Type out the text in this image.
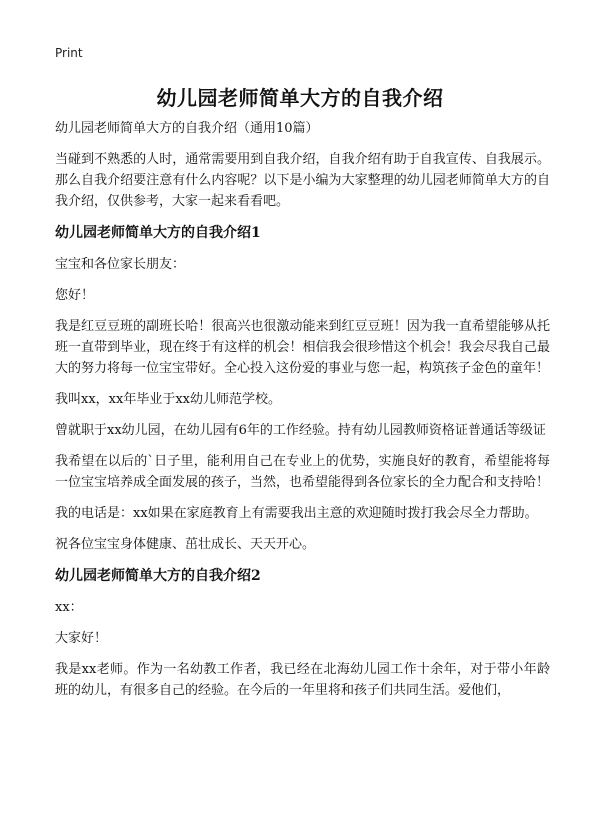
Print
幼儿园老师简单大方的自我介绍

幼儿园老师简单大方的自我介绍（通用10篇）

当碰到不熟悉的人时，通常需要用到自我介绍，自我介绍有助于自我宣传、自我展示。那么自我介绍要注意有什么内容呢？以下是小编为大家整理的幼儿园老师简单大方的自我介绍，仅供参考，大家一起来看看吧。

幼儿园老师简单大方的自我介绍1

宝宝和各位家长朋友：

您好！

我是红豆豆班的副班长哈！很高兴也很激动能来到红豆豆班！因为我一直希望能够从托班一直带到毕业，现在终于有这样的机会！相信我会很珍惜这个机会！我会尽我自己最大的努力将每一位宝宝带好。全心投入这份爱的事业与您一起，构筑孩子金色的童年！

我叫xx，xx年毕业于xx幼儿师范学校。

曾就职于xx幼儿园，在幼儿园有6年的工作经验。持有幼儿园教师资格证普通话等级证

我希望在以后的`日子里，能利用自己在专业上的优势，实施良好的教育，希望能将每一位宝宝培养成全面发展的孩子，当然，也希望能得到各位家长的全力配合和支持哈！

我的电话是：xx如果在家庭教育上有需要我出主意的欢迎随时拨打我会尽全力帮助。

祝各位宝宝身体健康、茁壮成长、天天开心。

幼儿园老师简单大方的自我介绍2

xx：

大家好！

我是xx老师。作为一名幼教工作者，我已经在北海幼儿园工作十余年，对于带小年龄班的幼儿，有很多自己的经验。在今后的一年里将和孩子们共同生活。爱他们，
